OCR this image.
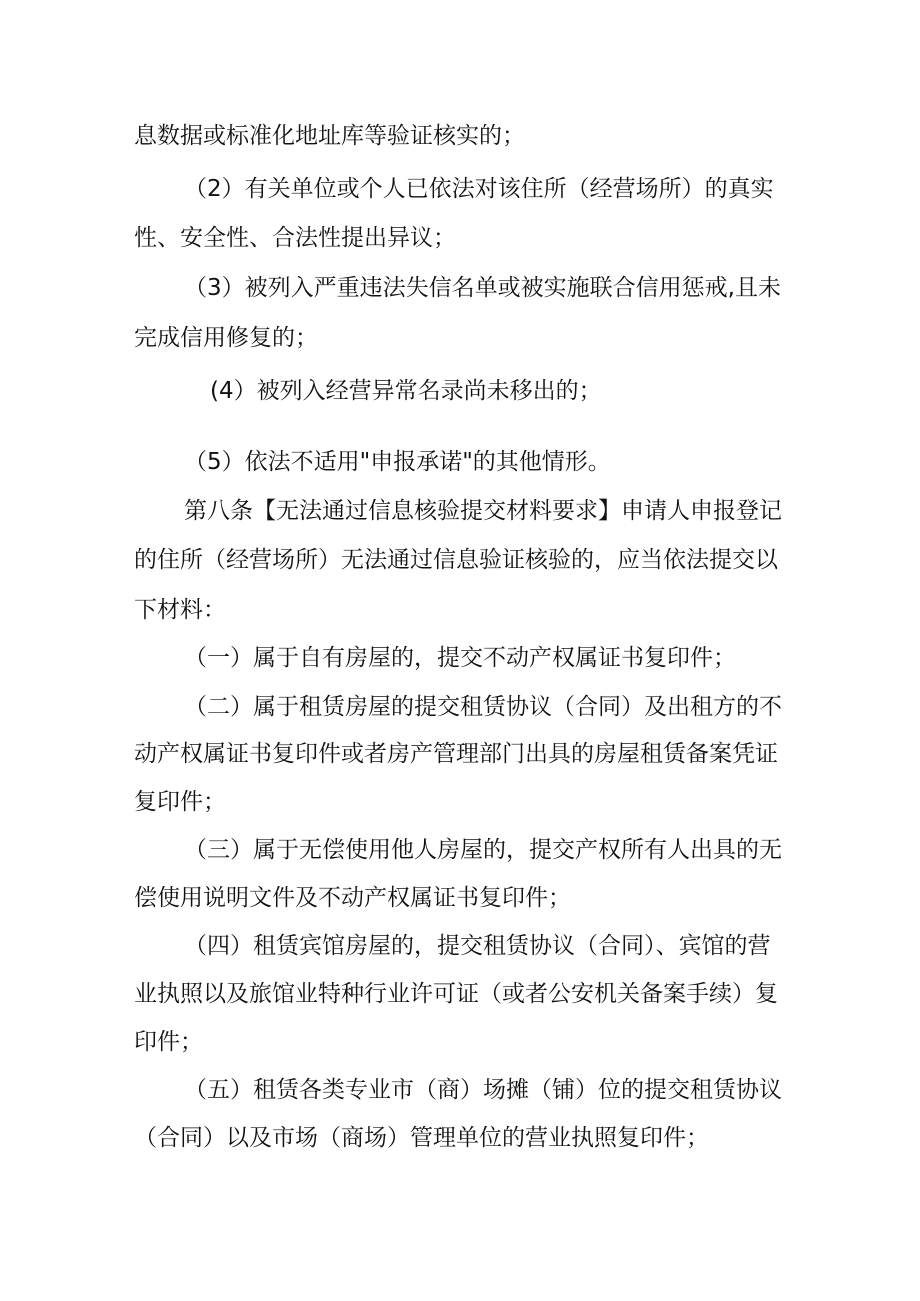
息数据或标准化地址库等验证核实的；
（2）有关单位或个人已依法对该住所（经营场所）的真实
性、安全性、合法性提出异议；
（3）被列入严重违法失信名单或被实施联合信用惩戒,且未
完成信用修复的；
(4）被列入经营异常名录尚未移出的；
（5）依法不适用"申报承诺"的其他情形。
第八条【无法通过信息核验提交材料要求】申请人申报登记
的住所（经营场所）无法通过信息验证核验的，应当依法提交以
下材料：
（一）属于自有房屋的，提交不动产权属证书复印件；
（二）属于租赁房屋的提交租赁协议（合同）及出租方的不
动产权属证书复印件或者房产管理部门出具的房屋租赁备案凭证
复印件；
（三）属于无偿使用他人房屋的，提交产权所有人出具的无
偿使用说明文件及不动产权属证书复印件；
（四）租赁宾馆房屋的，提交租赁协议（合同）、宾馆的营
业执照以及旅馆业特种行业许可证（或者公安机关备案手续）复
印件；
（五）租赁各类专业市（商）场摊（铺）位的提交租赁协议
（合同）以及市场（商场）管理单位的营业执照复印件；
